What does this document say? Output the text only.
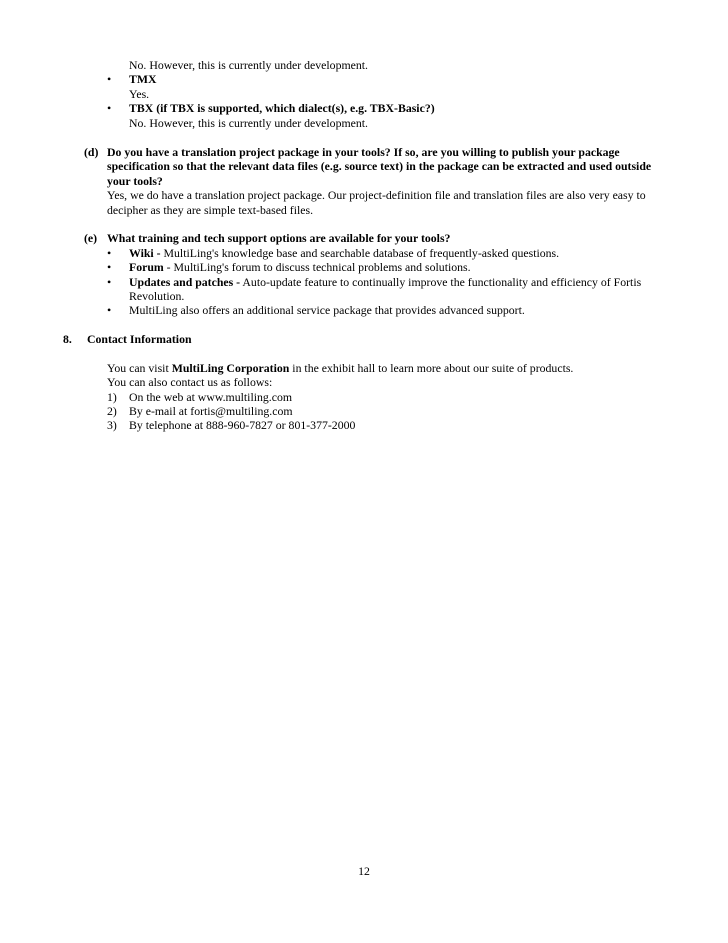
No. However, this is currently under development.
• TMX
Yes.
• TBX (if TBX is supported, which dialect(s), e.g. TBX-Basic?)
No. However, this is currently under development.
(d) Do you have a translation project package in your tools? If so, are you willing to publish your package
specification so that the relevant data files (e.g. source text) in the package can be extracted and used outside
your tools?
Yes, we do have a translation project package. Our project-definition file and translation files are also very easy to
decipher as they are simple text-based files.
(e) What training and tech support options are available for your tools?
• Wiki - MultiLing's knowledge base and searchable database of frequently-asked questions.
• Forum - MultiLing's forum to discuss technical problems and solutions.
• Updates and patches - Auto-update feature to continually improve the functionality and efficiency of Fortis
Revolution.
• MultiLing also offers an additional service package that provides advanced support.
8. Contact Information
You can visit MultiLing Corporation in the exhibit hall to learn more about our suite of products.
You can also contact us as follows:
1) On the web at www.multiling.com
2) By e-mail at fortis@multiling.com
3) By telephone at 888-960-7827 or 801-377-2000
12
